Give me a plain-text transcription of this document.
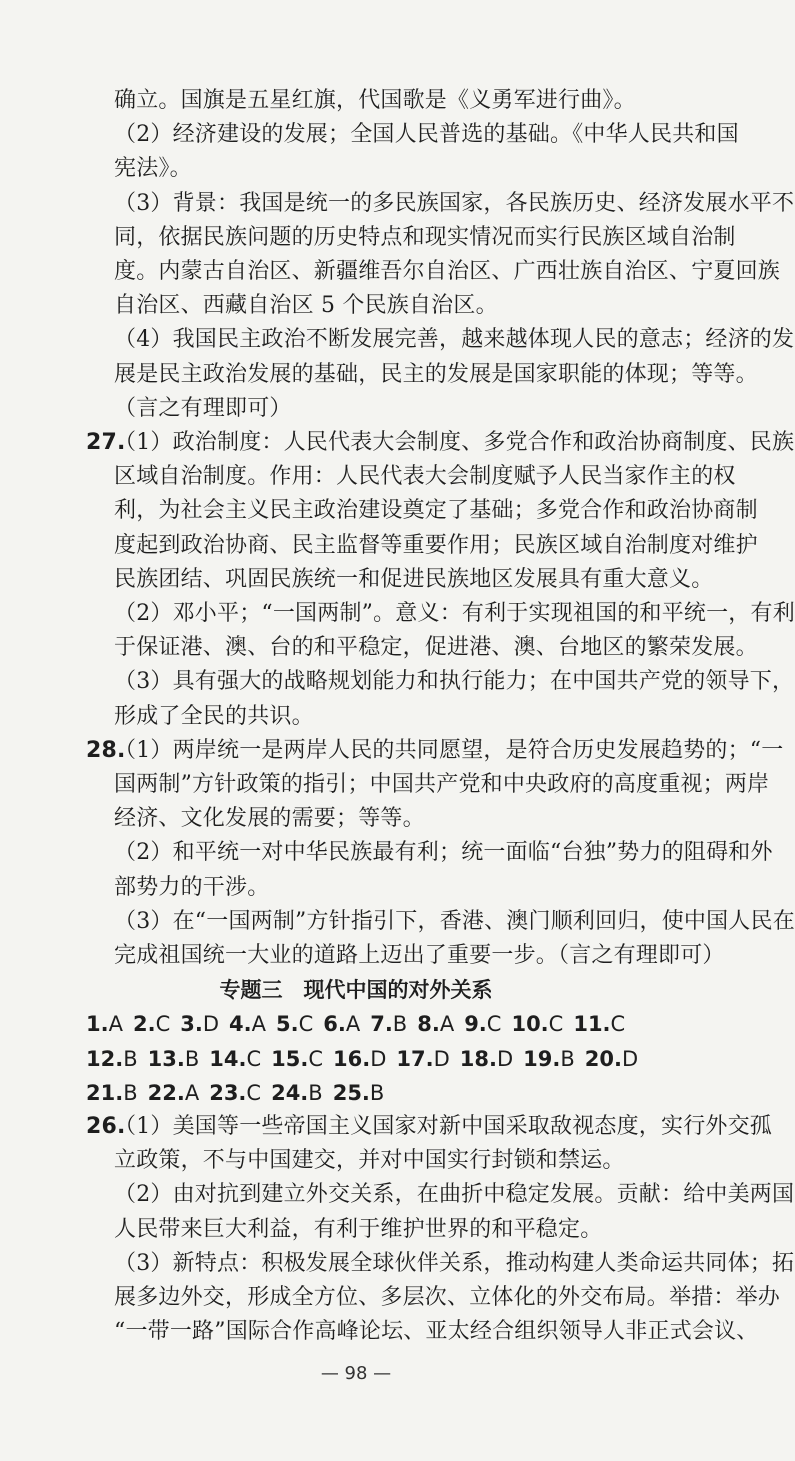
确立。国旗是五星红旗，代国歌是《义勇军进行曲》。
（2）经济建设的发展；全国人民普选的基础。《中华人民共和国
宪法》。
（3）背景：我国是统一的多民族国家，各民族历史、经济发展水平不
同，依据民族问题的历史特点和现实情况而实行民族区域自治制
度。内蒙古自治区、新疆维吾尔自治区、广西壮族自治区、宁夏回族
自治区、西藏自治区 5 个民族自治区。
（4）我国民主政治不断发展完善，越来越体现人民的意志；经济的发
展是民主政治发展的基础，民主的发展是国家职能的体现；等等。
（言之有理即可）
27.
（1）政治制度：人民代表大会制度、多党合作和政治协商制度、民族
区域自治制度。作用：人民代表大会制度赋予人民当家作主的权
利，为社会主义民主政治建设奠定了基础；多党合作和政治协商制
度起到政治协商、民主监督等重要作用；民族区域自治制度对维护
民族团结、巩固民族统一和促进民族地区发展具有重大意义。
（2）邓小平；“一国两制”。意义：有利于实现祖国的和平统一，有利
于保证港、澳、台的和平稳定，促进港、澳、台地区的繁荣发展。
（3）具有强大的战略规划能力和执行能力；在中国共产党的领导下，
形成了全民的共识。
28.
（1）两岸统一是两岸人民的共同愿望，是符合历史发展趋势的；“一
国两制”方针政策的指引；中国共产党和中央政府的高度重视；两岸
经济、文化发展的需要；等等。
（2）和平统一对中华民族最有利；统一面临“台独”势力的阻碍和外
部势力的干涉。
（3）在“一国两制”方针指引下，香港、澳门顺利回归，使中国人民在
完成祖国统一大业的道路上迈出了重要一步。（言之有理即可）
专题三　现代中国的对外关系
1.A 2.C 3.D 4.A 5.C 6.A 7.B 8.A 9.C 10.C 11.C
12.B 13.B 14.C 15.C 16.D 17.D 18.D 19.B 20.D
21.B 22.A 23.C 24.B 25.B
26.
（1）美国等一些帝国主义国家对新中国采取敌视态度，实行外交孤
立政策，不与中国建交，并对中国实行封锁和禁运。
（2）由对抗到建立外交关系，在曲折中稳定发展。贡献：给中美两国
人民带来巨大利益，有利于维护世界的和平稳定。
（3）新特点：积极发展全球伙伴关系，推动构建人类命运共同体；拓
展多边外交，形成全方位、多层次、立体化的外交布局。举措：举办
“一带一路”国际合作高峰论坛、亚太经合组织领导人非正式会议、
— 98 —
